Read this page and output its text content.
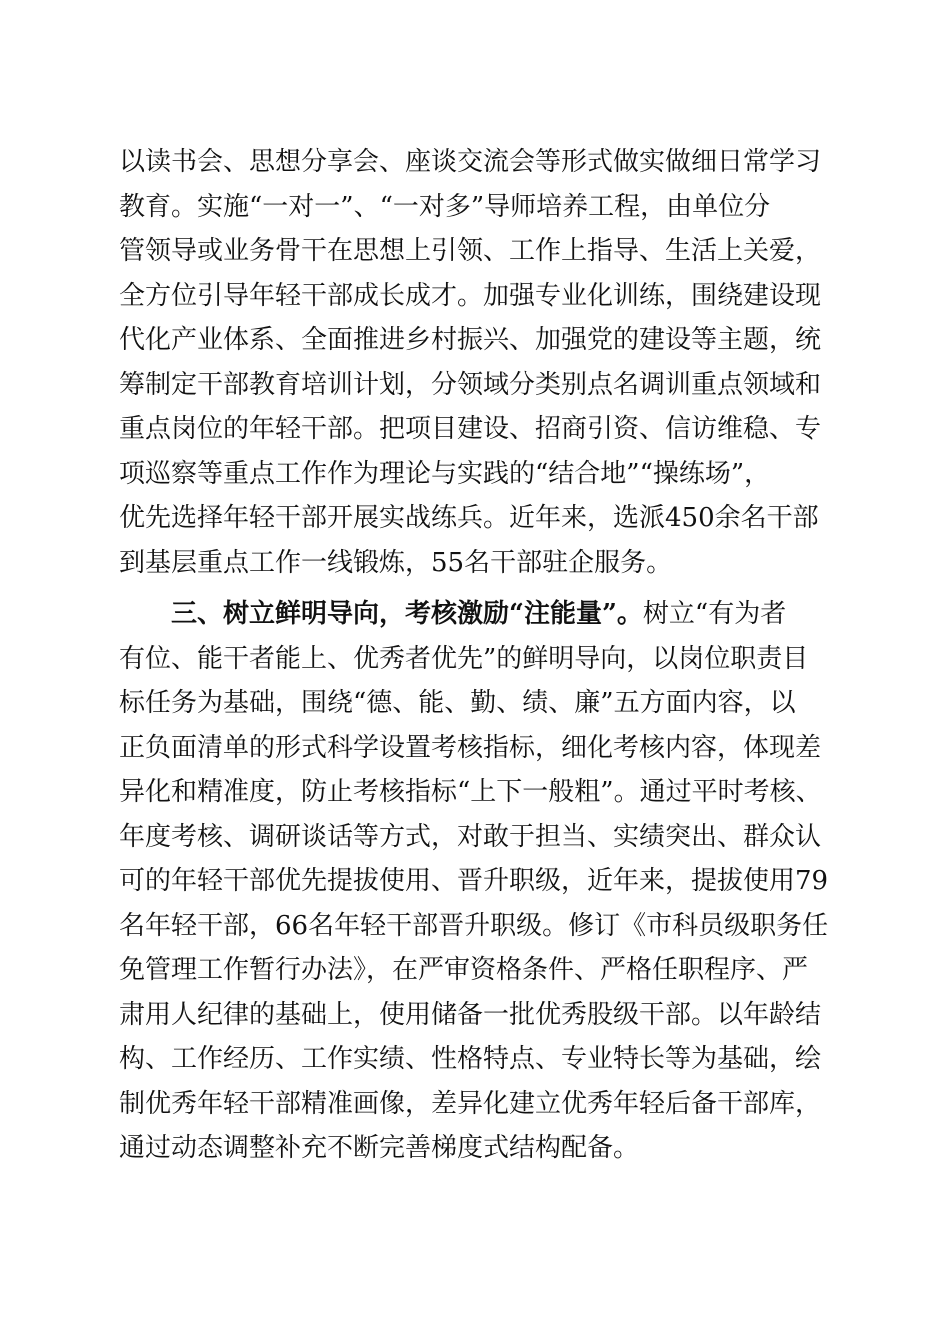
以读书会、思想分享会、座谈交流会等形式做实做细日常学习
教育。实施“一对一”、“一对多”导师培养工程，由单位分
管领导或业务骨干在思想上引领、工作上指导、生活上关爱，
全方位引导年轻干部成长成才。加强专业化训练，围绕建设现
代化产业体系、全面推进乡村振兴、加强党的建设等主题，统
筹制定干部教育培训计划，分领域分类别点名调训重点领域和
重点岗位的年轻干部。把项目建设、招商引资、信访维稳、专
项巡察等重点工作作为理论与实践的“结合地”“操练场”，
优先选择年轻干部开展实战练兵。近年来，选派450余名干部
到基层重点工作一线锻炼，55名干部驻企服务。
三、树立鲜明导向，考核激励“注能量”。树立“有为者
有位、能干者能上、优秀者优先”的鲜明导向，以岗位职责目
标任务为基础，围绕“德、能、勤、绩、廉”五方面内容，以
正负面清单的形式科学设置考核指标，细化考核内容，体现差
异化和精准度，防止考核指标“上下一般粗”。通过平时考核、
年度考核、调研谈话等方式，对敢于担当、实绩突出、群众认
可的年轻干部优先提拔使用、晋升职级，近年来，提拔使用79
名年轻干部，66名年轻干部晋升职级。修订《市科员级职务任
免管理工作暂行办法》，在严审资格条件、严格任职程序、严
肃用人纪律的基础上，使用储备一批优秀股级干部。以年龄结
构、工作经历、工作实绩、性格特点、专业特长等为基础，绘
制优秀年轻干部精准画像，差异化建立优秀年轻后备干部库，
通过动态调整补充不断完善梯度式结构配备。
